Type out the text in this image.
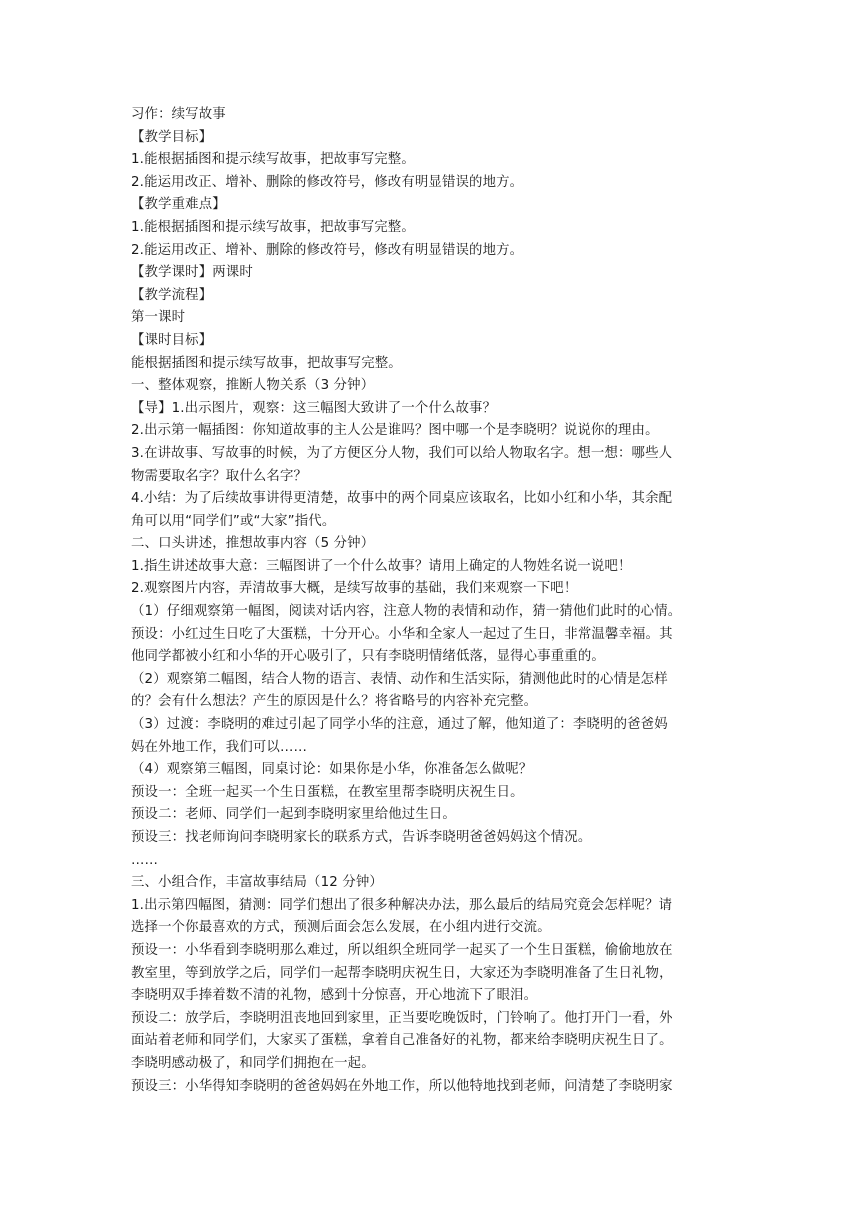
习作：续写故事
【教学目标】
1.能根据插图和提示续写故事，把故事写完整。
2.能运用改正、增补、删除的修改符号，修改有明显错误的地方。
【教学重难点】
1.能根据插图和提示续写故事，把故事写完整。
2.能运用改正、增补、删除的修改符号，修改有明显错误的地方。
【教学课时】两课时
【教学流程】
第一课时
【课时目标】
能根据插图和提示续写故事，把故事写完整。
一、整体观察，推断人物关系（3 分钟）
【导】1.出示图片，观察：这三幅图大致讲了一个什么故事？
2.出示第一幅插图：你知道故事的主人公是谁吗？图中哪一个是李晓明？说说你的理由。
3.在讲故事、写故事的时候，为了方便区分人物，我们可以给人物取名字。想一想：哪些人
物需要取名字？取什么名字？
4.小结：为了后续故事讲得更清楚，故事中的两个同桌应该取名，比如小红和小华，其余配
角可以用“同学们”或“大家”指代。
二、口头讲述，推想故事内容（5 分钟）
1.指生讲述故事大意：三幅图讲了一个什么故事？请用上确定的人物姓名说一说吧！
2.观察图片内容，弄清故事大概，是续写故事的基础，我们来观察一下吧！
（1）仔细观察第一幅图，阅读对话内容，注意人物的表情和动作，猜一猜他们此时的心情。
预设：小红过生日吃了大蛋糕，十分开心。小华和全家人一起过了生日，非常温馨幸福。其
他同学都被小红和小华的开心吸引了，只有李晓明情绪低落，显得心事重重的。
（2）观察第二幅图，结合人物的语言、表情、动作和生活实际，猜测他此时的心情是怎样
的？会有什么想法？产生的原因是什么？将省略号的内容补充完整。
（3）过渡：李晓明的难过引起了同学小华的注意，通过了解，他知道了：李晓明的爸爸妈
妈在外地工作，我们可以……
（4）观察第三幅图，同桌讨论：如果你是小华，你准备怎么做呢？
预设一：全班一起买一个生日蛋糕，在教室里帮李晓明庆祝生日。
预设二：老师、同学们一起到李晓明家里给他过生日。
预设三：找老师询问李晓明家长的联系方式，告诉李晓明爸爸妈妈这个情况。
……
三、小组合作，丰富故事结局（12 分钟）
1.出示第四幅图，猜测：同学们想出了很多种解决办法，那么最后的结局究竟会怎样呢？请
选择一个你最喜欢的方式，预测后面会怎么发展，在小组内进行交流。
预设一：小华看到李晓明那么难过，所以组织全班同学一起买了一个生日蛋糕，偷偷地放在
教室里，等到放学之后，同学们一起帮李晓明庆祝生日，大家还为李晓明准备了生日礼物，
李晓明双手捧着数不清的礼物，感到十分惊喜，开心地流下了眼泪。
预设二：放学后，李晓明沮丧地回到家里，正当要吃晚饭时，门铃响了。他打开门一看，外
面站着老师和同学们，大家买了蛋糕，拿着自己准备好的礼物，都来给李晓明庆祝生日了。
李晓明感动极了，和同学们拥抱在一起。
预设三：小华得知李晓明的爸爸妈妈在外地工作，所以他特地找到老师，问清楚了李晓明家
